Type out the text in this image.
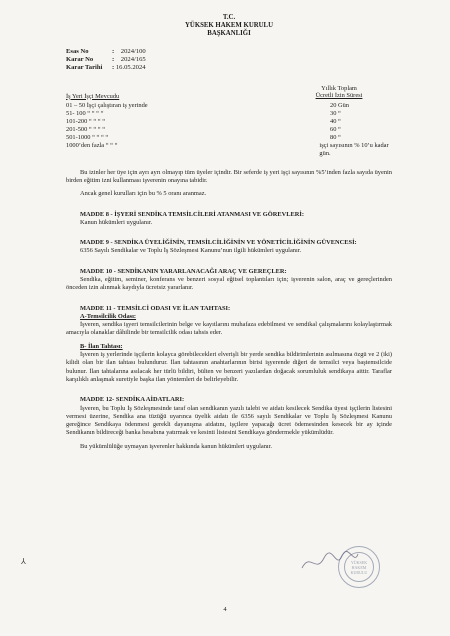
T.C.
YÜKSEK HAKEM KURULU
BAŞKANLIĞI
Esas No	:
2024/100
Karar No	:
2024/165
Karar Tarihi	:
16.05.2024
İş Yeri İşçi Mevcudu
Yıllık Toplam
Ücretli İzin Süresi
01 – 50 İşçi çalıştıran iş yerinde	20 Gün
51- 100 “ “ “ “	30 “
101-200 “ “ “ “	40 “
201-500 “ “ “ “	60 “
501-1000 “ “ “ “	80 “
1000’den fazla “ “ “	işçi sayısının % 10’u kadar gün.

Bu izinler her üye için ayrı ayrı olmayıp tüm üyeler içindir. Bir seferde iş yeri işçi sayısının %5’inden fazla sayıda üyenin birden eğitim izni kullanması işverenin onayına tabidir.

Ancak genel kurulları için bu % 5 oranı aranmaz.

MADDE 8 - İŞYERİ SENDİKA TEMSİLCİLERİ ATANMASI VE GÖREVLERİ:

Kanun hükümleri uygulanır.

MADDE 9 - SENDİKA ÜYELİĞİNİN, TEMSİLCİLİĞİNİN VE YÖNETİCİLİĞİNİN GÜVENCESİ:

6356 Sayılı Sendikalar ve Toplu İş Sözleşmesi Kanunu’nun ilgili hükümleri uygulanır.

MADDE 10 - SENDİKANIN YARARLANACAĞI ARAÇ VE GEREÇLER:

Sendika, eğitim, seminer, konferans ve benzeri sosyal eğitsel toplantıları için; işverenin salon, araç ve gereçlerinden önceden izin alınmak kaydıyla ücretsiz yararlanır.

MADDE 11 - TEMSİLCİ ODASI VE İLAN TAHTASI:

A-Temsilcilik Odası:

İşveren, sendika işyeri temsilcilerinin belge ve kayıtlarını muhafaza edebilmesi ve sendikal çalışmalarını kolaylaştırmak amacıyla olanaklar dâhilinde bir temsilcilik odası tahsis eder.

B- İlan Tahtası:

İşveren iş yerlerinde işçilerin kolayca görebilecekleri elverişli bir yerde sendika bildirimlerinin asılmasına özgü ve 2 (iki) kilidi olan bir ilan tahtası bulundurur. İlan tahtasının anahtarlarının birisi işyerende diğeri de temsilci veya baştemsilcide bulunur. İlan tahtalarına asılacak her türlü bildiri, bülten ve benzeri yazılardan doğacak sorumluluk sendikaya aittir. Taraflar karşılıklı anlaşmak suretiyle başka ilan yöntemleri de belirleyebilir.

MADDE 12- SENDİKA AİDATLARI:

İşveren, bu Toplu İş Sözleşmesinde taraf olan sendikanın yazılı talebi ve aidatı kesilecek Sendika üyesi işçilerin listesini vermesi üzerine, Sendika ana tüzüğü uyarınca üyelik aidatı ile 6356 sayılı Sendikalar ve Toplu İş Sözleşmesi Kanunu gereğince Sendikaya ödenmesi gerekli dayanışma aidatını, işçilere yapacağı ücret ödemesinden kesecek bir ay içinde Sendikanın bildireceği banka hesabına yatırmak ve kesinti listesini Sendikaya göndermekle yükümlüdür.

Bu yükümlülüğe uymayan işverenler hakkında kanun hükümleri uygulanır.

YÜKSEK HAKEM KURULU
⅄
4
